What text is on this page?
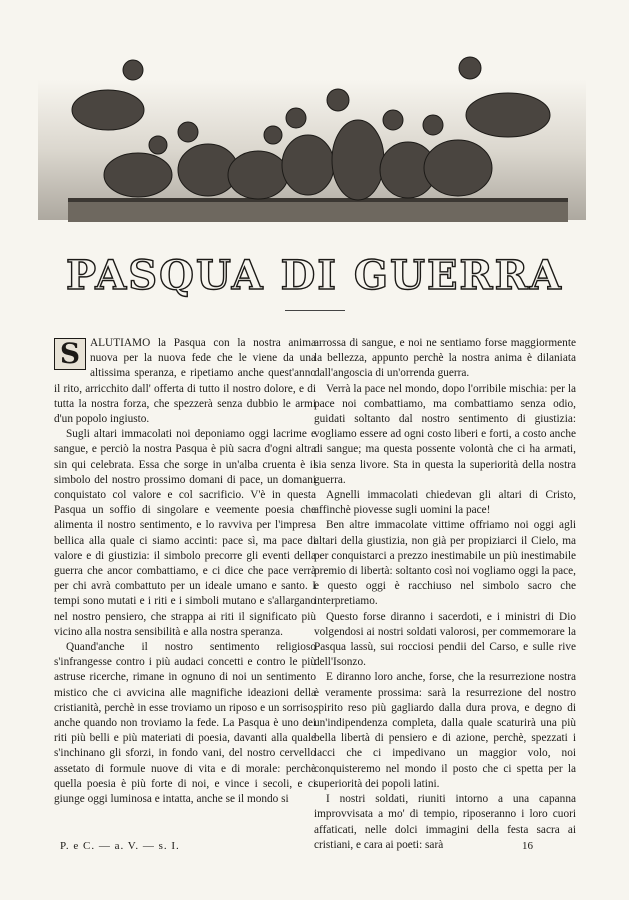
PASQUA DI GUERRA

S ALUTIAMO la Pasqua con la nostra anima nuova per la nuova fede che le viene da una altissima speranza, e ripetiamo anche quest'anno il rito, arricchito dall' offerta di tutto il nostro dolore, e di tutta la nostra forza, che spezzerà senza dubbio le armi d'un popolo ingiusto.

Sugli altari immacolati noi deponiamo oggi lacrime e sangue, e perciò la nostra Pasqua è più sacra d'ogni altra sin qui celebrata. Essa che sorge in un'alba cruenta è il simbolo del nostro prossimo domani di pace, un domani conquistato col valore e col sacrificio. V'è in questa Pasqua un soffio di singolare e veemente poesia che alimenta il nostro sentimento, e lo ravviva per l'impresa bellica alla quale ci siamo accinti: pace sì, ma pace di valore e di giustizia: il simbolo precorre gli eventi della guerra che ancor combattiamo, e ci dice che pace verrà per chi avrà combattuto per un ideale umano e santo. I tempi sono mutati e i riti e i simboli mutano e s'allargano nel nostro pensiero, che strappa ai riti il significato più vicino alla nostra sensibilità e alla nostra speranza.

Quand'anche il nostro sentimento religioso s'infrangesse contro i più audaci concetti e contro le più astruse ricerche, rimane in ognuno di noi un sentimento mistico che ci avvicina alle magnifiche ideazioni della cristianità, perchè in esse troviamo un riposo e un sorriso, anche quando non troviamo la fede. La Pasqua è uno dei riti più belli e più materiati di poesia, davanti alla quale s'inchinano gli sforzi, in fondo vani, del nostro cervello assetato di formule nuove di vita e di morale: perchè quella poesia è più forte di noi, e vince i secoli, e ci giunge oggi luminosa e intatta, anche se il mondo si

arrossa di sangue, e noi ne sentiamo forse maggiormente la bellezza, appunto perchè la nostra anima è dilaniata dall'angoscia di un'orrenda guerra.

Verrà la pace nel mondo, dopo l'orribile mischia: per la pace noi combattiamo, ma combattiamo senza odio, guidati soltanto dal nostro sentimento di giustizia: vogliamo essere ad ogni costo liberi e forti, a costo anche di sangue; ma questa possente volontà che ci ha armati, sia senza livore. Sta in questa la superiorità della nostra guerra.

Agnelli immacolati chiedevan gli altari di Cristo, affinchè piovesse sugli uomini la pace!

Ben altre immacolate vittime offriamo noi oggi agli altari della giustizia, non già per propiziarci il Cielo, ma per conquistarci a prezzo inestimabile un più inestimabile premio di libertà: soltanto così noi vogliamo oggi la pace, e questo oggi è racchiuso nel simbolo sacro che interpretiamo.

Questo forse diranno i sacerdoti, e i ministri di Dio volgendosi ai nostri soldati valorosi, per commemorare la Pasqua lassù, sui rocciosi pendii del Carso, e sulle rive dell'Isonzo.

E diranno loro anche, forse, che la resurrezione nostra è veramente prossima: sarà la resurrezione del nostro spirito reso più gagliardo dalla dura prova, e degno di un'indipendenza completa, dalla quale scaturirà una più bella libertà di pensiero e di azione, perchè, spezzati i lacci che ci impedivano un maggior volo, noi conquisteremo nel mondo il posto che ci spetta per la superiorità dei popoli latini.

I nostri soldati, riuniti intorno a una capanna improvvisata a mo' di tempio, riposeranno i loro cuori affaticati, nelle dolci immagini della festa sacra ai cristiani, e cara ai poeti: sarà

P. e C. — a. V. — s. I.	16
